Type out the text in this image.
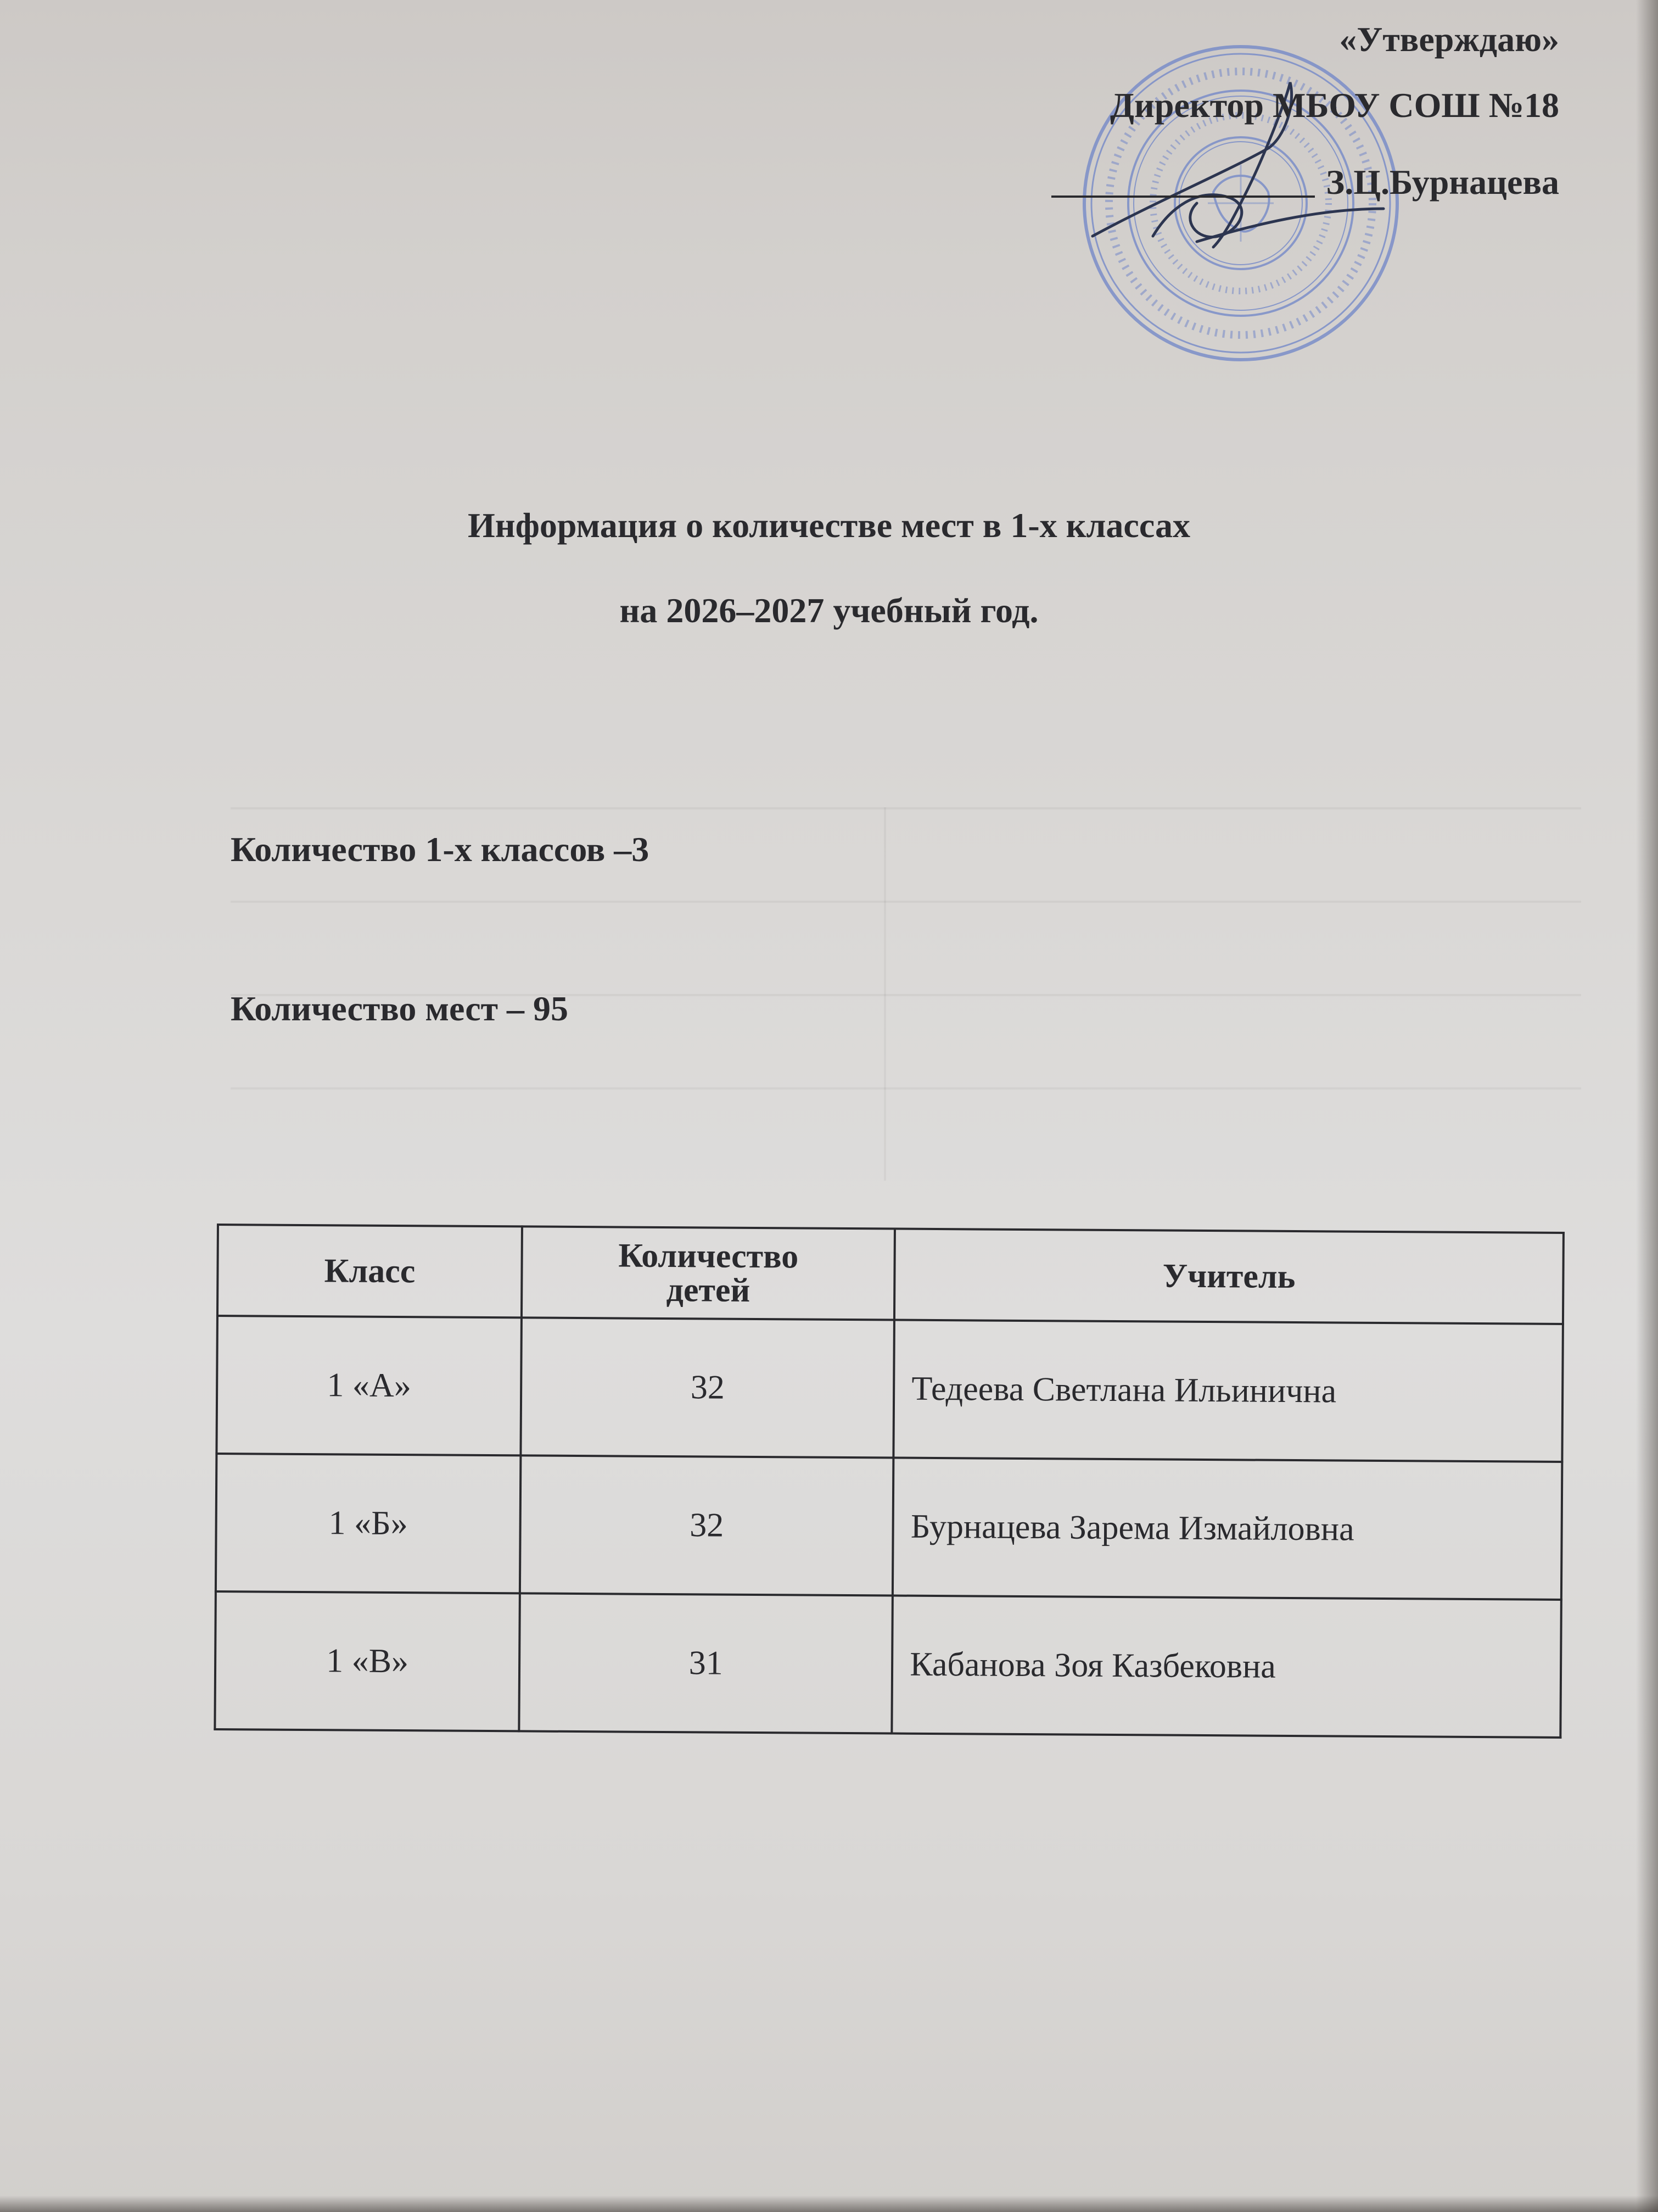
«Утверждаю»
Директор МБОУ СОШ №18
З.Ц.Бурнацева
Информация о количестве мест в 1-х классах
на 2026–2027 учебный год.
Количество 1-х классов –3
Количество мест – 95
Класс	Количество детей	Учитель
1 «А»	32	Тедеева Светлана Ильинична
1 «Б»	32	Бурнацева Зарема Измайловна
1 «В»	31	Кабанова Зоя Казбековна
